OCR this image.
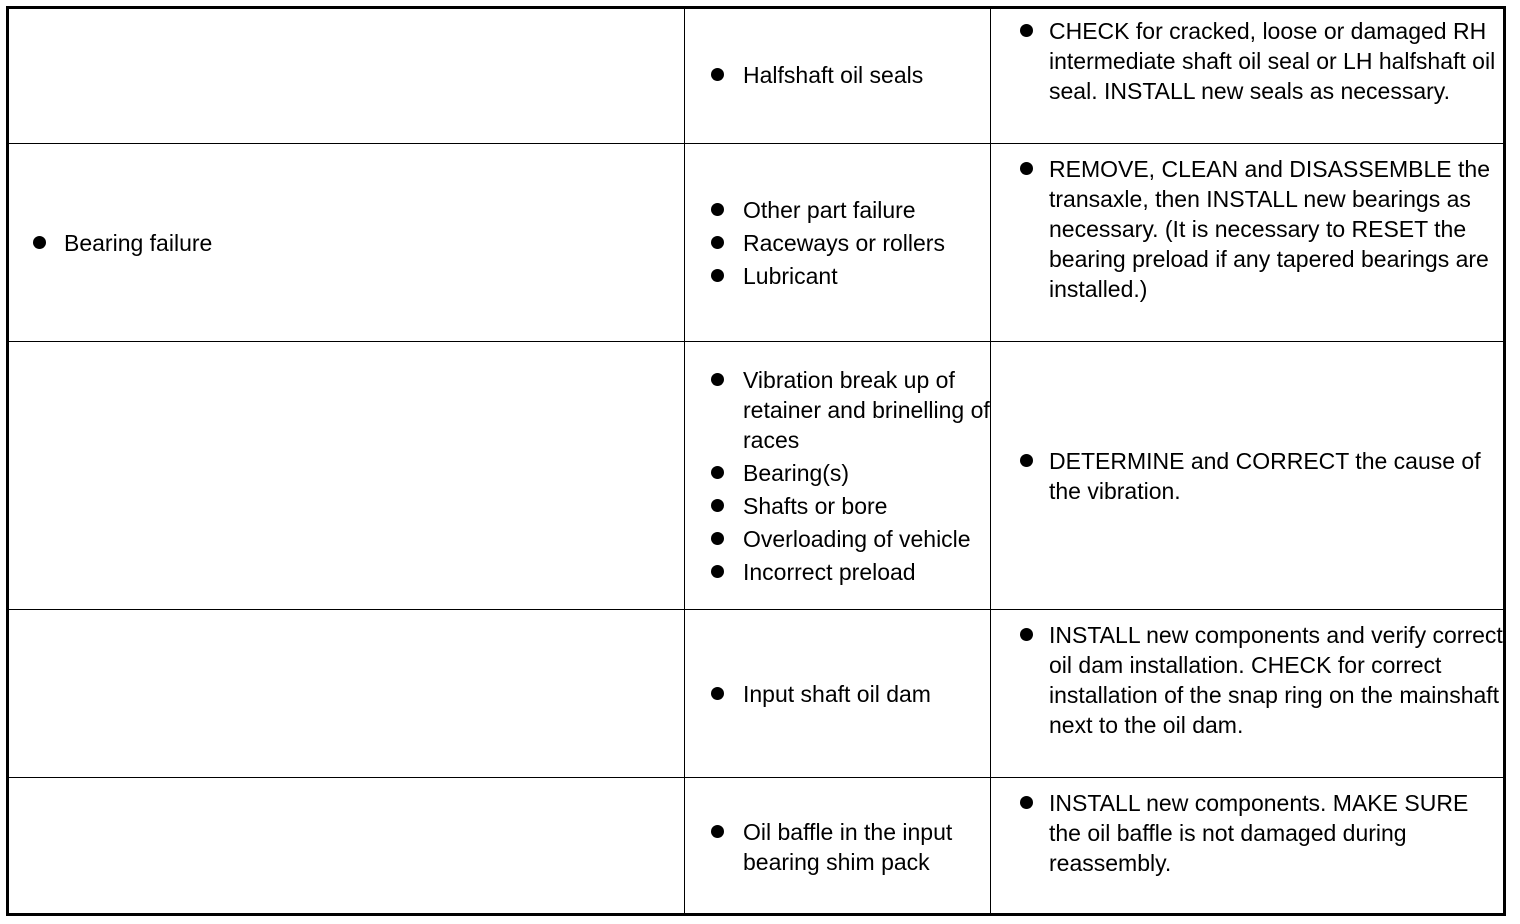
Halfshaft oil seals
CHECK for cracked, loose or damaged RH intermediate shaft oil seal or LH halfshaft oil seal. INSTALL new seals as necessary.
Bearing failure
Other part failure
Raceways or rollers
Lubricant
REMOVE, CLEAN and DISASSEMBLE the transaxle, then INSTALL new bearings as necessary. (It is necessary to RESET the bearing preload if any tapered bearings are installed.)
Vibration break up of retainer and brinelling of races
Bearing(s)
Shafts or bore
Overloading of vehicle
Incorrect preload
DETERMINE and CORRECT the cause of the vibration.
Input shaft oil dam
INSTALL new components and verify correct oil dam installation. CHECK for correct installation of the snap ring on the mainshaft next to the oil dam.
Oil baffle in the input bearing shim pack
INSTALL new components. MAKE SURE the oil baffle is not damaged during reassembly.
